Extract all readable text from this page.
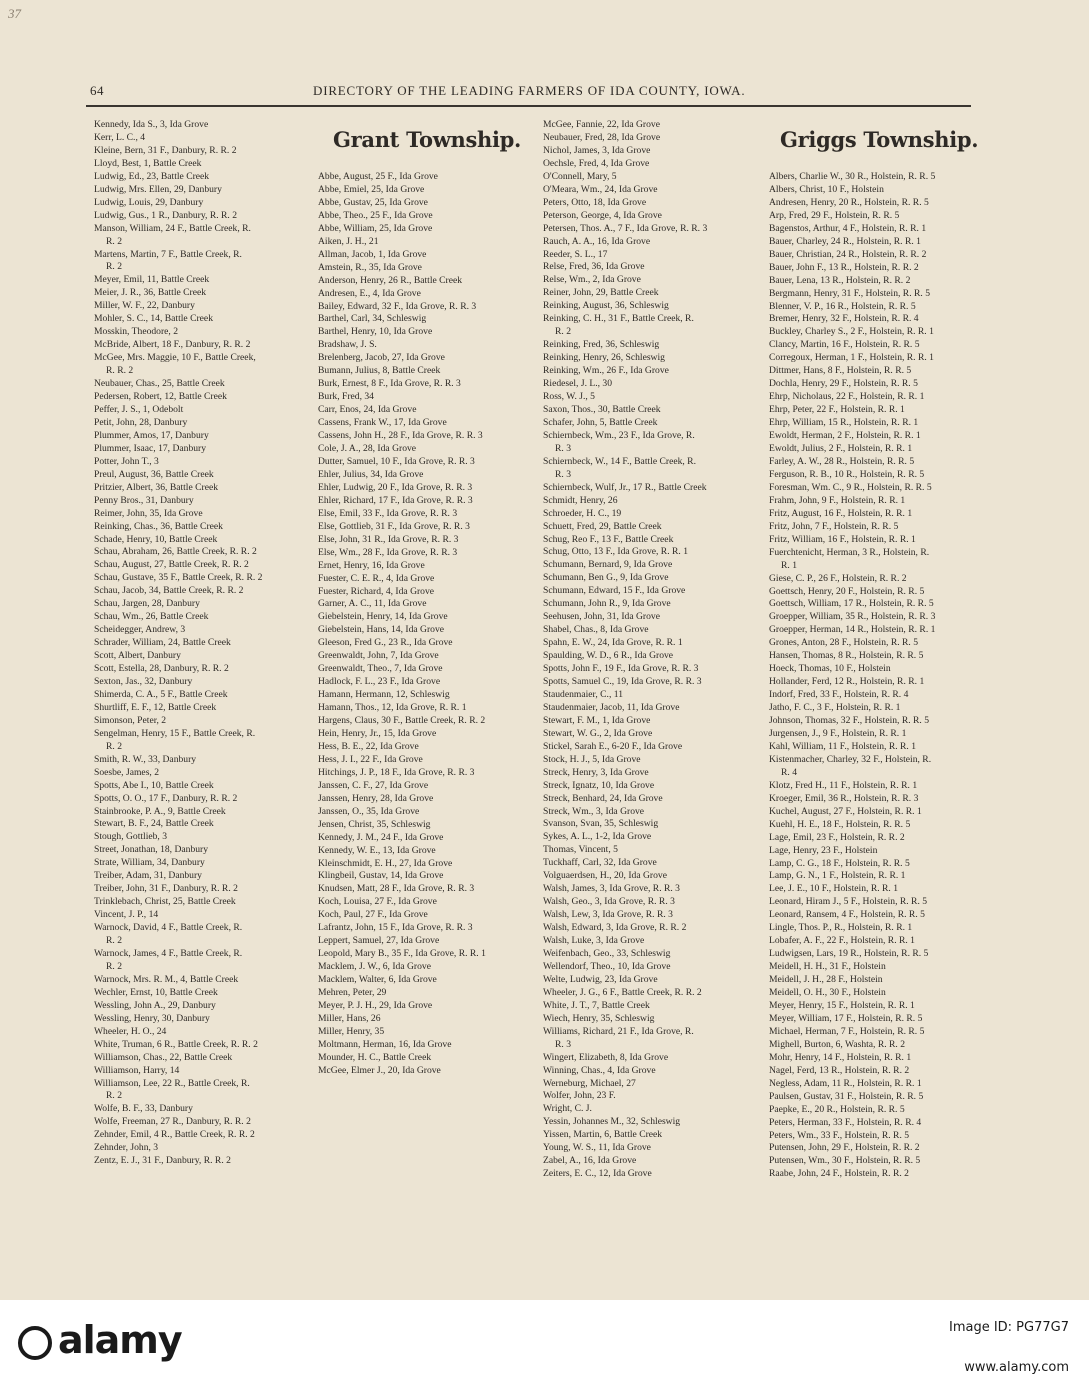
37
64	DIRECTORY OF THE LEADING FARMERS OF IDA COUNTY, IOWA.
Kennedy, Ida S., 3, Ida Grove
Kerr, L. C., 4
Kleine, Bern, 31 F., Danbury, R. R. 2
Lloyd, Best, 1, Battle Creek
Ludwig, Ed., 23, Battle Creek
Ludwig, Mrs. Ellen, 29, Danbury
Ludwig, Louis, 29, Danbury
Ludwig, Gus., 1 R., Danbury, R. R. 2
Manson, William, 24 F., Battle Creek, R.
R. 2
Martens, Martin, 7 F., Battle Creek, R.
R. 2
Meyer, Emil, 11, Battle Creek
Meier, J. R., 36, Battle Creek
Miller, W. F., 22, Danbury
Mohler, S. C., 14, Battle Creek
Mosskin, Theodore, 2
McBride, Albert, 18 F., Danbury, R. R. 2
McGee, Mrs. Maggie, 10 F., Battle Creek,
R. R. 2
Neubauer, Chas., 25, Battle Creek
Pedersen, Robert, 12, Battle Creek
Peffer, J. S., 1, Odebolt
Petit, John, 28, Danbury
Plummer, Amos, 17, Danbury
Plummer, Isaac, 17, Danbury
Potter, John T., 3
Preul, August, 36, Battle Creek
Pritzier, Albert, 36, Battle Creek
Penny Bros., 31, Danbury
Reimer, John, 35, Ida Grove
Reinking, Chas., 36, Battle Creek
Schade, Henry, 10, Battle Creek
Schau, Abraham, 26, Battle Creek, R. R. 2
Schau, August, 27, Battle Creek, R. R. 2
Schau, Gustave, 35 F., Battle Creek, R. R. 2
Schau, Jacob, 34, Battle Creek, R. R. 2
Schau, Jargen, 28, Danbury
Schau, Wm., 26, Battle Creek
Scheidegger, Andrew, 3
Schrader, William, 24, Battle Creek
Scott, Albert, Danbury
Scott, Estella, 28, Danbury, R. R. 2
Sexton, Jas., 32, Danbury
Shimerda, C. A., 5 F., Battle Creek
Shurtliff, E. F., 12, Battle Creek
Simonson, Peter, 2
Sengelman, Henry, 15 F., Battle Creek, R.
R. 2
Smith, R. W., 33, Danbury
Soesbe, James, 2
Spotts, Abe I., 10, Battle Creek
Spotts, O. O., 17 F., Danbury, R. R. 2
Stainbrooke, P. A., 9, Battle Creek
Stewart, B. F., 24, Battle Creek
Stough, Gottlieb, 3
Street, Jonathan, 18, Danbury
Strate, William, 34, Danbury
Treiber, Adam, 31, Danbury
Treiber, John, 31 F., Danbury, R. R. 2
Trinklebach, Christ, 25, Battle Creek
Vincent, J. P., 14
Warnock, David, 4 F., Battle Creek, R.
R. 2
Warnock, James, 4 F., Battle Creek, R.
R. 2
Warnock, Mrs. R. M., 4, Battle Creek
Wechler, Ernst, 10, Battle Creek
Wessling, John A., 29, Danbury
Wessling, Henry, 30, Danbury
Wheeler, H. O., 24
White, Truman, 6 R., Battle Creek, R. R. 2
Williamson, Chas., 22, Battle Creek
Williamson, Harry, 14
Williamson, Lee, 22 R., Battle Creek, R.
R. 2
Wolfe, B. F., 33, Danbury
Wolfe, Freeman, 27 R., Danbury, R. R. 2
Zehnder, Emil, 4 R., Battle Creek, R. R. 2
Zehnder, John, 3
Zentz, E. J., 31 F., Danbury, R. R. 2
Grant Township.
Abbe, August, 25 F., Ida Grove
Abbe, Emiel, 25, Ida Grove
Abbe, Gustav, 25, Ida Grove
Abbe, Theo., 25 F., Ida Grove
Abbe, William, 25, Ida Grove
Aiken, J. H., 21
Allman, Jacob, 1, Ida Grove
Amstein, R., 35, Ida Grove
Anderson, Henry, 26 R., Battle Creek
Andresen, E., 4, Ida Grove
Bailey, Edward, 32 F., Ida Grove, R. R. 3
Barthel, Carl, 34, Schleswig
Barthel, Henry, 10, Ida Grove
Bradshaw, J. S.
Brelenberg, Jacob, 27, Ida Grove
Bumann, Julius, 8, Battle Creek
Burk, Ernest, 8 F., Ida Grove, R. R. 3
Burk, Fred, 34
Carr, Enos, 24, Ida Grove
Cassens, Frank W., 17, Ida Grove
Cassens, John H., 28 F., Ida Grove, R. R. 3
Cole, J. A., 28, Ida Grove
Dutter, Samuel, 10 F., Ida Grove, R. R. 3
Ehler, Julius, 34, Ida Grove
Ehler, Ludwig, 20 F., Ida Grove, R. R. 3
Ehler, Richard, 17 F., Ida Grove, R. R. 3
Else, Emil, 33 F., Ida Grove, R. R. 3
Else, Gottlieb, 31 F., Ida Grove, R. R. 3
Else, John, 31 R., Ida Grove, R. R. 3
Else, Wm., 28 F., Ida Grove, R. R. 3
Ernet, Henry, 16, Ida Grove
Fuester, C. E. R., 4, Ida Grove
Fuester, Richard, 4, Ida Grove
Garner, A. C., 11, Ida Grove
Giebelstein, Henry, 14, Ida Grove
Giebelstein, Hans, 14, Ida Grove
Gleeson, Fred G., 23 R., Ida Grove
Greenwaldt, John, 7, Ida Grove
Greenwaldt, Theo., 7, Ida Grove
Hadlock, F. L., 23 F., Ida Grove
Hamann, Hermann, 12, Schleswig
Hamann, Thos., 12, Ida Grove, R. R. 1
Hargens, Claus, 30 F., Battle Creek, R. R. 2
Hein, Henry, Jr., 15, Ida Grove
Hess, B. E., 22, Ida Grove
Hess, J. I., 22 F., Ida Grove
Hitchings, J. P., 18 F., Ida Grove, R. R. 3
Janssen, C. F., 27, Ida Grove
Janssen, Henry, 28, Ida Grove
Janssen, O., 35, Ida Grove
Jensen, Christ, 35, Schleswig
Kennedy, J. M., 24 F., Ida Grove
Kennedy, W. E., 13, Ida Grove
Kleinschmidt, E. H., 27, Ida Grove
Klingbeil, Gustav, 14, Ida Grove
Knudsen, Matt, 28 F., Ida Grove, R. R. 3
Koch, Louisa, 27 F., Ida Grove
Koch, Paul, 27 F., Ida Grove
Lafrantz, John, 15 F., Ida Grove, R. R. 3
Leppert, Samuel, 27, Ida Grove
Leopold, Mary B., 35 F., Ida Grove, R. R. 1
Macklem, J. W., 6, Ida Grove
Macklem, Walter, 6, Ida Grove
Mehren, Peter, 29
Meyer, P. J. H., 29, Ida Grove
Miller, Hans, 26
Miller, Henry, 35
Moltmann, Herman, 16, Ida Grove
Mounder, H. C., Battle Creek
McGee, Elmer J., 20, Ida Grove
McGee, Fannie, 22, Ida Grove
Neubauer, Fred, 28, Ida Grove
Nichol, James, 3, Ida Grove
Oechsle, Fred, 4, Ida Grove
O'Connell, Mary, 5
O'Meara, Wm., 24, Ida Grove
Peters, Otto, 18, Ida Grove
Peterson, George, 4, Ida Grove
Petersen, Thos. A., 7 F., Ida Grove, R. R. 3
Rauch, A. A., 16, Ida Grove
Reeder, S. L., 17
Relse, Fred, 36, Ida Grove
Relse, Wm., 2, Ida Grove
Reiner, John, 29, Battle Creek
Reinking, August, 36, Schleswig
Reinking, C. H., 31 F., Battle Creek, R.
R. 2
Reinking, Fred, 36, Schleswig
Reinking, Henry, 26, Schleswig
Reinking, Wm., 26 F., Ida Grove
Riedesel, J. L., 30
Ross, W. J., 5
Saxon, Thos., 30, Battle Creek
Schafer, John, 5, Battle Creek
Schiernbeck, Wm., 23 F., Ida Grove, R.
R. 3
Schiernbeck, W., 14 F., Battle Creek, R.
R. 3
Schiernbeck, Wulf, Jr., 17 R., Battle Creek
Schmidt, Henry, 26
Schroeder, H. C., 19
Schuett, Fred, 29, Battle Creek
Schug, Reo F., 13 F., Battle Creek
Schug, Otto, 13 F., Ida Grove, R. R. 1
Schumann, Bernard, 9, Ida Grove
Schumann, Ben G., 9, Ida Grove
Schumann, Edward, 15 F., Ida Grove
Schumann, John R., 9, Ida Grove
Seehusen, John, 31, Ida Grove
Shabel, Chas., 8, Ida Grove
Spahn, E. W., 24, Ida Grove, R. R. 1
Spaulding, W. D., 6 R., Ida Grove
Spotts, John F., 19 F., Ida Grove, R. R. 3
Spotts, Samuel C., 19, Ida Grove, R. R. 3
Staudenmaier, C., 11
Staudenmaier, Jacob, 11, Ida Grove
Stewart, F. M., 1, Ida Grove
Stewart, W. G., 2, Ida Grove
Stickel, Sarah E., 6-20 F., Ida Grove
Stock, H. J., 5, Ida Grove
Streck, Henry, 3, Ida Grove
Streck, Ignatz, 10, Ida Grove
Streck, Benhard, 24, Ida Grove
Streck, Wm., 3, Ida Grove
Svanson, Svan, 35, Schleswig
Sykes, A. L., 1-2, Ida Grove
Thomas, Vincent, 5
Tuckhaff, Carl, 32, Ida Grove
Volguaerdsen, H., 20, Ida Grove
Walsh, James, 3, Ida Grove, R. R. 3
Walsh, Geo., 3, Ida Grove, R. R. 3
Walsh, Lew, 3, Ida Grove, R. R. 3
Walsh, Edward, 3, Ida Grove, R. R. 2
Walsh, Luke, 3, Ida Grove
Weifenbach, Geo., 33, Schleswig
Wellendorf, Theo., 10, Ida Grove
Welte, Ludwig, 23, Ida Grove
Wheeler, J. G., 6 F., Battle Creek, R. R. 2
White, J. T., 7, Battle Creek
Wiech, Henry, 35, Schleswig
Williams, Richard, 21 F., Ida Grove, R.
R. 3
Wingert, Elizabeth, 8, Ida Grove
Winning, Chas., 4, Ida Grove
Werneburg, Michael, 27
Wolfer, John, 23 F.
Wright, C. J.
Yessin, Johannes M., 32, Schleswig
Yissen, Martin, 6, Battle Creek
Young, W. S., 11, Ida Grove
Zabel, A., 16, Ida Grove
Zeiters, E. C., 12, Ida Grove
Griggs Township.
Albers, Charlie W., 30 R., Holstein, R. R. 5
Albers, Christ, 10 F., Holstein
Andresen, Henry, 20 R., Holstein, R. R. 5
Arp, Fred, 29 F., Holstein, R. R. 5
Bagenstos, Arthur, 4 F., Holstein, R. R. 1
Bauer, Charley, 24 R., Holstein, R. R. 1
Bauer, Christian, 24 R., Holstein, R. R. 2
Bauer, John F., 13 R., Holstein, R. R. 2
Bauer, Lena, 13 R., Holstein, R. R. 2
Bergmann, Henry, 31 F., Holstein, R. R. 5
Blenner, V. P., 16 R., Holstein, R. R. 5
Bremer, Henry, 32 F., Holstein, R. R. 4
Buckley, Charley S., 2 F., Holstein, R. R. 1
Clancy, Martin, 16 F., Holstein, R. R. 5
Corregoux, Herman, 1 F., Holstein, R. R. 1
Dittmer, Hans, 8 F., Holstein, R. R. 5
Dochla, Henry, 29 F., Holstein, R. R. 5
Ehrp, Nicholaus, 22 F., Holstein, R. R. 1
Ehrp, Peter, 22 F., Holstein, R. R. 1
Ehrp, William, 15 R., Holstein, R. R. 1
Ewoldt, Herman, 2 F., Holstein, R. R. 1
Ewoldt, Julius, 2 F., Holstein, R. R. 1
Farley, A. W., 28 R., Holstein, R. R. 5
Ferguson, R. B., 10 R., Holstein, R. R. 5
Foresman, Wm. C., 9 R., Holstein, R. R. 5
Frahm, John, 9 F., Holstein, R. R. 1
Fritz, August, 16 F., Holstein, R. R. 1
Fritz, John, 7 F., Holstein, R. R. 5
Fritz, William, 16 F., Holstein, R. R. 1
Fuerchtenicht, Herman, 3 R., Holstein, R.
R. 1
Giese, C. P., 26 F., Holstein, R. R. 2
Goettsch, Henry, 20 F., Holstein, R. R. 5
Goettsch, William, 17 R., Holstein, R. R. 5
Groepper, William, 35 R., Holstein, R. R. 3
Groepper, Herman, 14 R., Holstein, R. R. 1
Grones, Anton, 28 F., Holstein, R. R. 5
Hansen, Thomas, 8 R., Holstein, R. R. 5
Hoeck, Thomas, 10 F., Holstein
Hollander, Ferd, 12 R., Holstein, R. R. 1
Indorf, Fred, 33 F., Holstein, R. R. 4
Jatho, F. C., 3 F., Holstein, R. R. 1
Johnson, Thomas, 32 F., Holstein, R. R. 5
Jurgensen, J., 9 F., Holstein, R. R. 1
Kahl, William, 11 F., Holstein, R. R. 1
Kistenmacher, Charley, 32 F., Holstein, R.
R. 4
Klotz, Fred H., 11 F., Holstein, R. R. 1
Kroeger, Emil, 36 R., Holstein, R. R. 3
Kuchel, August, 27 F., Holstein, R. R. 1
Kuehl, H. E., 18 F., Holstein, R. R. 5
Lage, Emil, 23 F., Holstein, R. R. 2
Lage, Henry, 23 F., Holstein
Lamp, C. G., 18 F., Holstein, R. R. 5
Lamp, G. N., 1 F., Holstein, R. R. 1
Lee, J. E., 10 F., Holstein, R. R. 1
Leonard, Hiram J., 5 F., Holstein, R. R. 5
Leonard, Ransem, 4 F., Holstein, R. R. 5
Lingle, Thos. P., R., Holstein, R. R. 1
Lobafer, A. F., 22 F., Holstein, R. R. 1
Ludwigsen, Lars, 19 R., Holstein, R. R. 5
Meidell, H. H., 31 F., Holstein
Meidell, J. H., 28 F., Holstein
Meidell, O. H., 30 F., Holstein
Meyer, Henry, 15 F., Holstein, R. R. 1
Meyer, William, 17 F., Holstein, R. R. 5
Michael, Herman, 7 F., Holstein, R. R. 5
Mighell, Burton, 6, Washta, R. R. 2
Mohr, Henry, 14 F., Holstein, R. R. 1
Nagel, Ferd, 13 R., Holstein, R. R. 2
Negless, Adam, 11 R., Holstein, R. R. 1
Paulsen, Gustav, 31 F., Holstein, R. R. 5
Paepke, E., 20 R., Holstein, R. R. 5
Peters, Herman, 33 F., Holstein, R. R. 4
Peters, Wm., 33 F., Holstein, R. R. 5
Putensen, John, 29 F., Holstein, R. R. 2
Putensen, Wm., 30 F., Holstein, R. R. 5
Raabe, John, 24 F., Holstein, R. R. 2
alamy	Image ID: PG77G7
www.alamy.com
